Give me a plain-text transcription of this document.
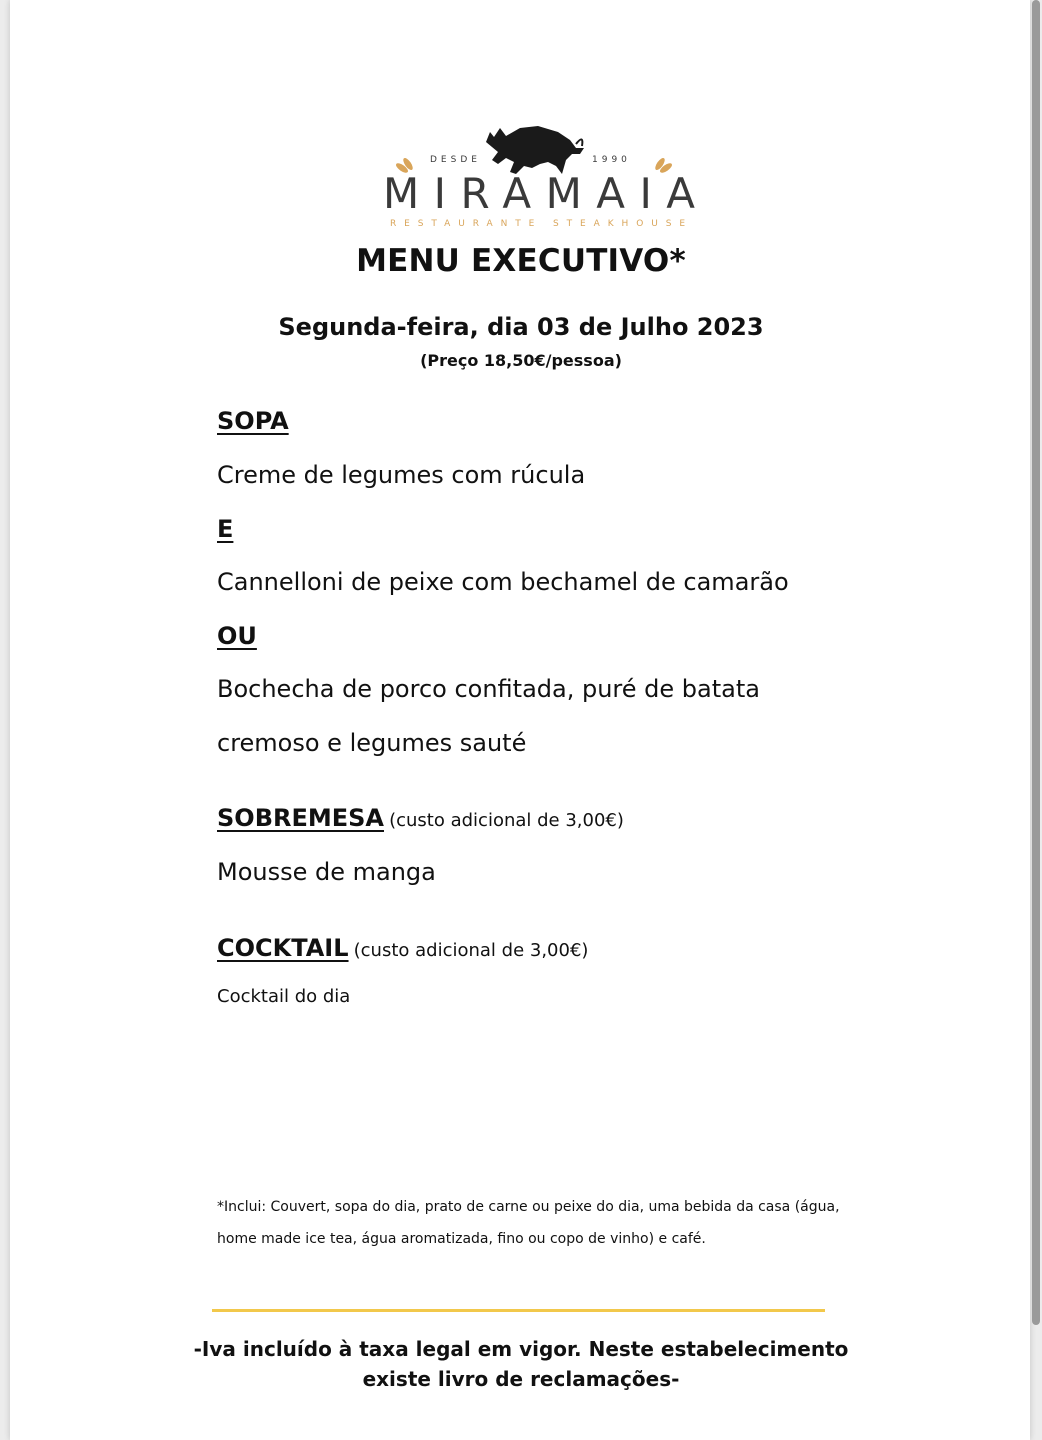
DESDE	1990
MIRAMAIA
RESTAURANTE STEAKHOUSE
MENU EXECUTIVO*
Segunda-feira, dia 03 de Julho 2023
(Preço 18,50€/pessoa)
SOPA
Creme de legumes com rúcula
E
Cannelloni de peixe com bechamel de camarão
OU
Bochecha de porco confitada, puré de batata
cremoso e legumes sauté
SOBREMESA (custo adicional de 3,00€)
Mousse de manga
COCKTAIL (custo adicional de 3,00€)
Cocktail do dia
*Inclui: Couvert, sopa do dia, prato de carne ou peixe do dia, uma bebida da casa (água,
home made ice tea, água aromatizada, fino ou copo de vinho) e café.
-Iva incluído à taxa legal em vigor. Neste estabelecimento
existe livro de reclamações-
